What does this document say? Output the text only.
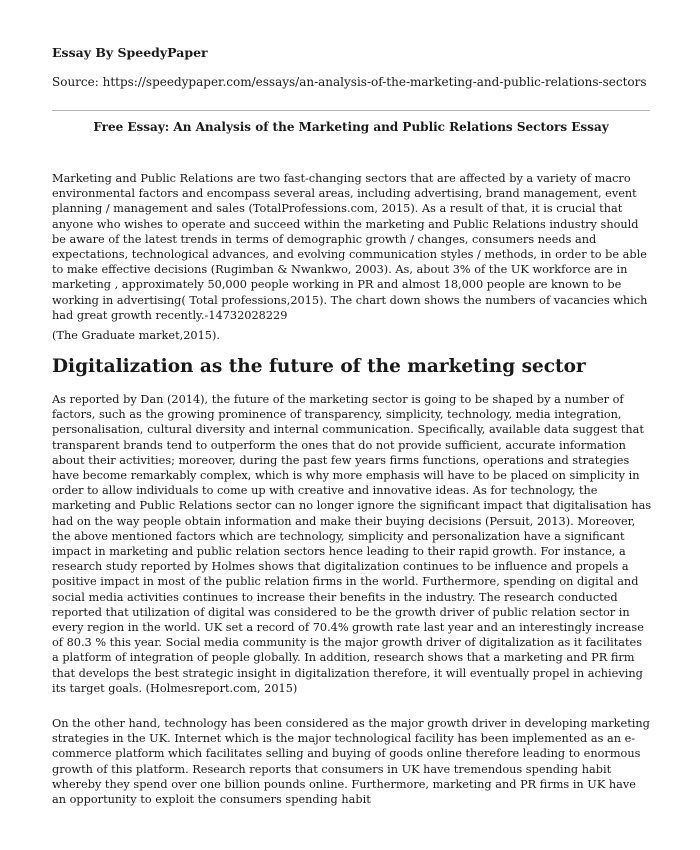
Essay By SpeedyPaper
Source: https://speedypaper.com/essays/an-analysis-of-the-marketing-and-public-relations-sectors
Free Essay: An Analysis of the Marketing and Public Relations Sectors Essay

Marketing and Public Relations are two fast-changing sectors that are affected by a variety of macro environmental factors and encompass several areas, including advertising, brand management, event planning / management and sales (TotalProfessions.com, 2015). As a result of that, it is crucial that anyone who wishes to operate and succeed within the marketing and Public Relations industry should be aware of the latest trends in terms of demographic growth / changes, consumers needs and expectations, technological advances, and evolving communication styles / methods, in order to be able to make effective decisions (Rugimban & Nwankwo, 2003). As, about 3% of the UK workforce are in marketing , approximately 50,000 people working in PR and almost 18,000 people are known to be working in advertising( Total professions,2015). The chart down shows the numbers of vacancies which had great growth recently.-14732028229

(The Graduate market,2015).

Digitalization as the future of the marketing sector

As reported by Dan (2014), the future of the marketing sector is going to be shaped by a number of factors, such as the growing prominence of transparency, simplicity, technology, media integration, personalisation, cultural diversity and internal communication. Specifically, available data suggest that transparent brands tend to outperform the ones that do not provide sufficient, accurate information about their activities; moreover, during the past few years firms functions, operations and strategies have become remarkably complex, which is why more emphasis will have to be placed on simplicity in order to allow individuals to come up with creative and innovative ideas. As for technology, the marketing and Public Relations sector can no longer ignore the significant impact that digitalisation has had on the way people obtain information and make their buying decisions (Persuit, 2013). Moreover, the above mentioned factors which are technology, simplicity and personalization have a significant impact in marketing and public relation sectors hence leading to their rapid growth. For instance, a research study reported by Holmes shows that digitalization continues to be influence and propels a positive impact in most of the public relation firms in the world. Furthermore, spending on digital and social media activities continues to increase their benefits in the industry. The research conducted reported that utilization of digital was considered to be the growth driver of public relation sector in every region in the world. UK set a record of 70.4% growth rate last year and an interestingly increase of 80.3 % this year. Social media community is the major growth driver of digitalization as it facilitates a platform of integration of people globally. In addition, research shows that a marketing and PR firm that develops the best strategic insight in digitalization therefore, it will eventually propel in achieving its target goals. (Holmesreport.com, 2015)

On the other hand, technology has been considered as the major growth driver in developing marketing strategies in the UK. Internet which is the major technological facility has been implemented as an e-commerce platform which facilitates selling and buying of goods online therefore leading to enormous growth of this platform. Research reports that consumers in UK have tremendous spending habit whereby they spend over one billion pounds online. Furthermore, marketing and PR firms in UK have an opportunity to exploit the consumers spending habit
